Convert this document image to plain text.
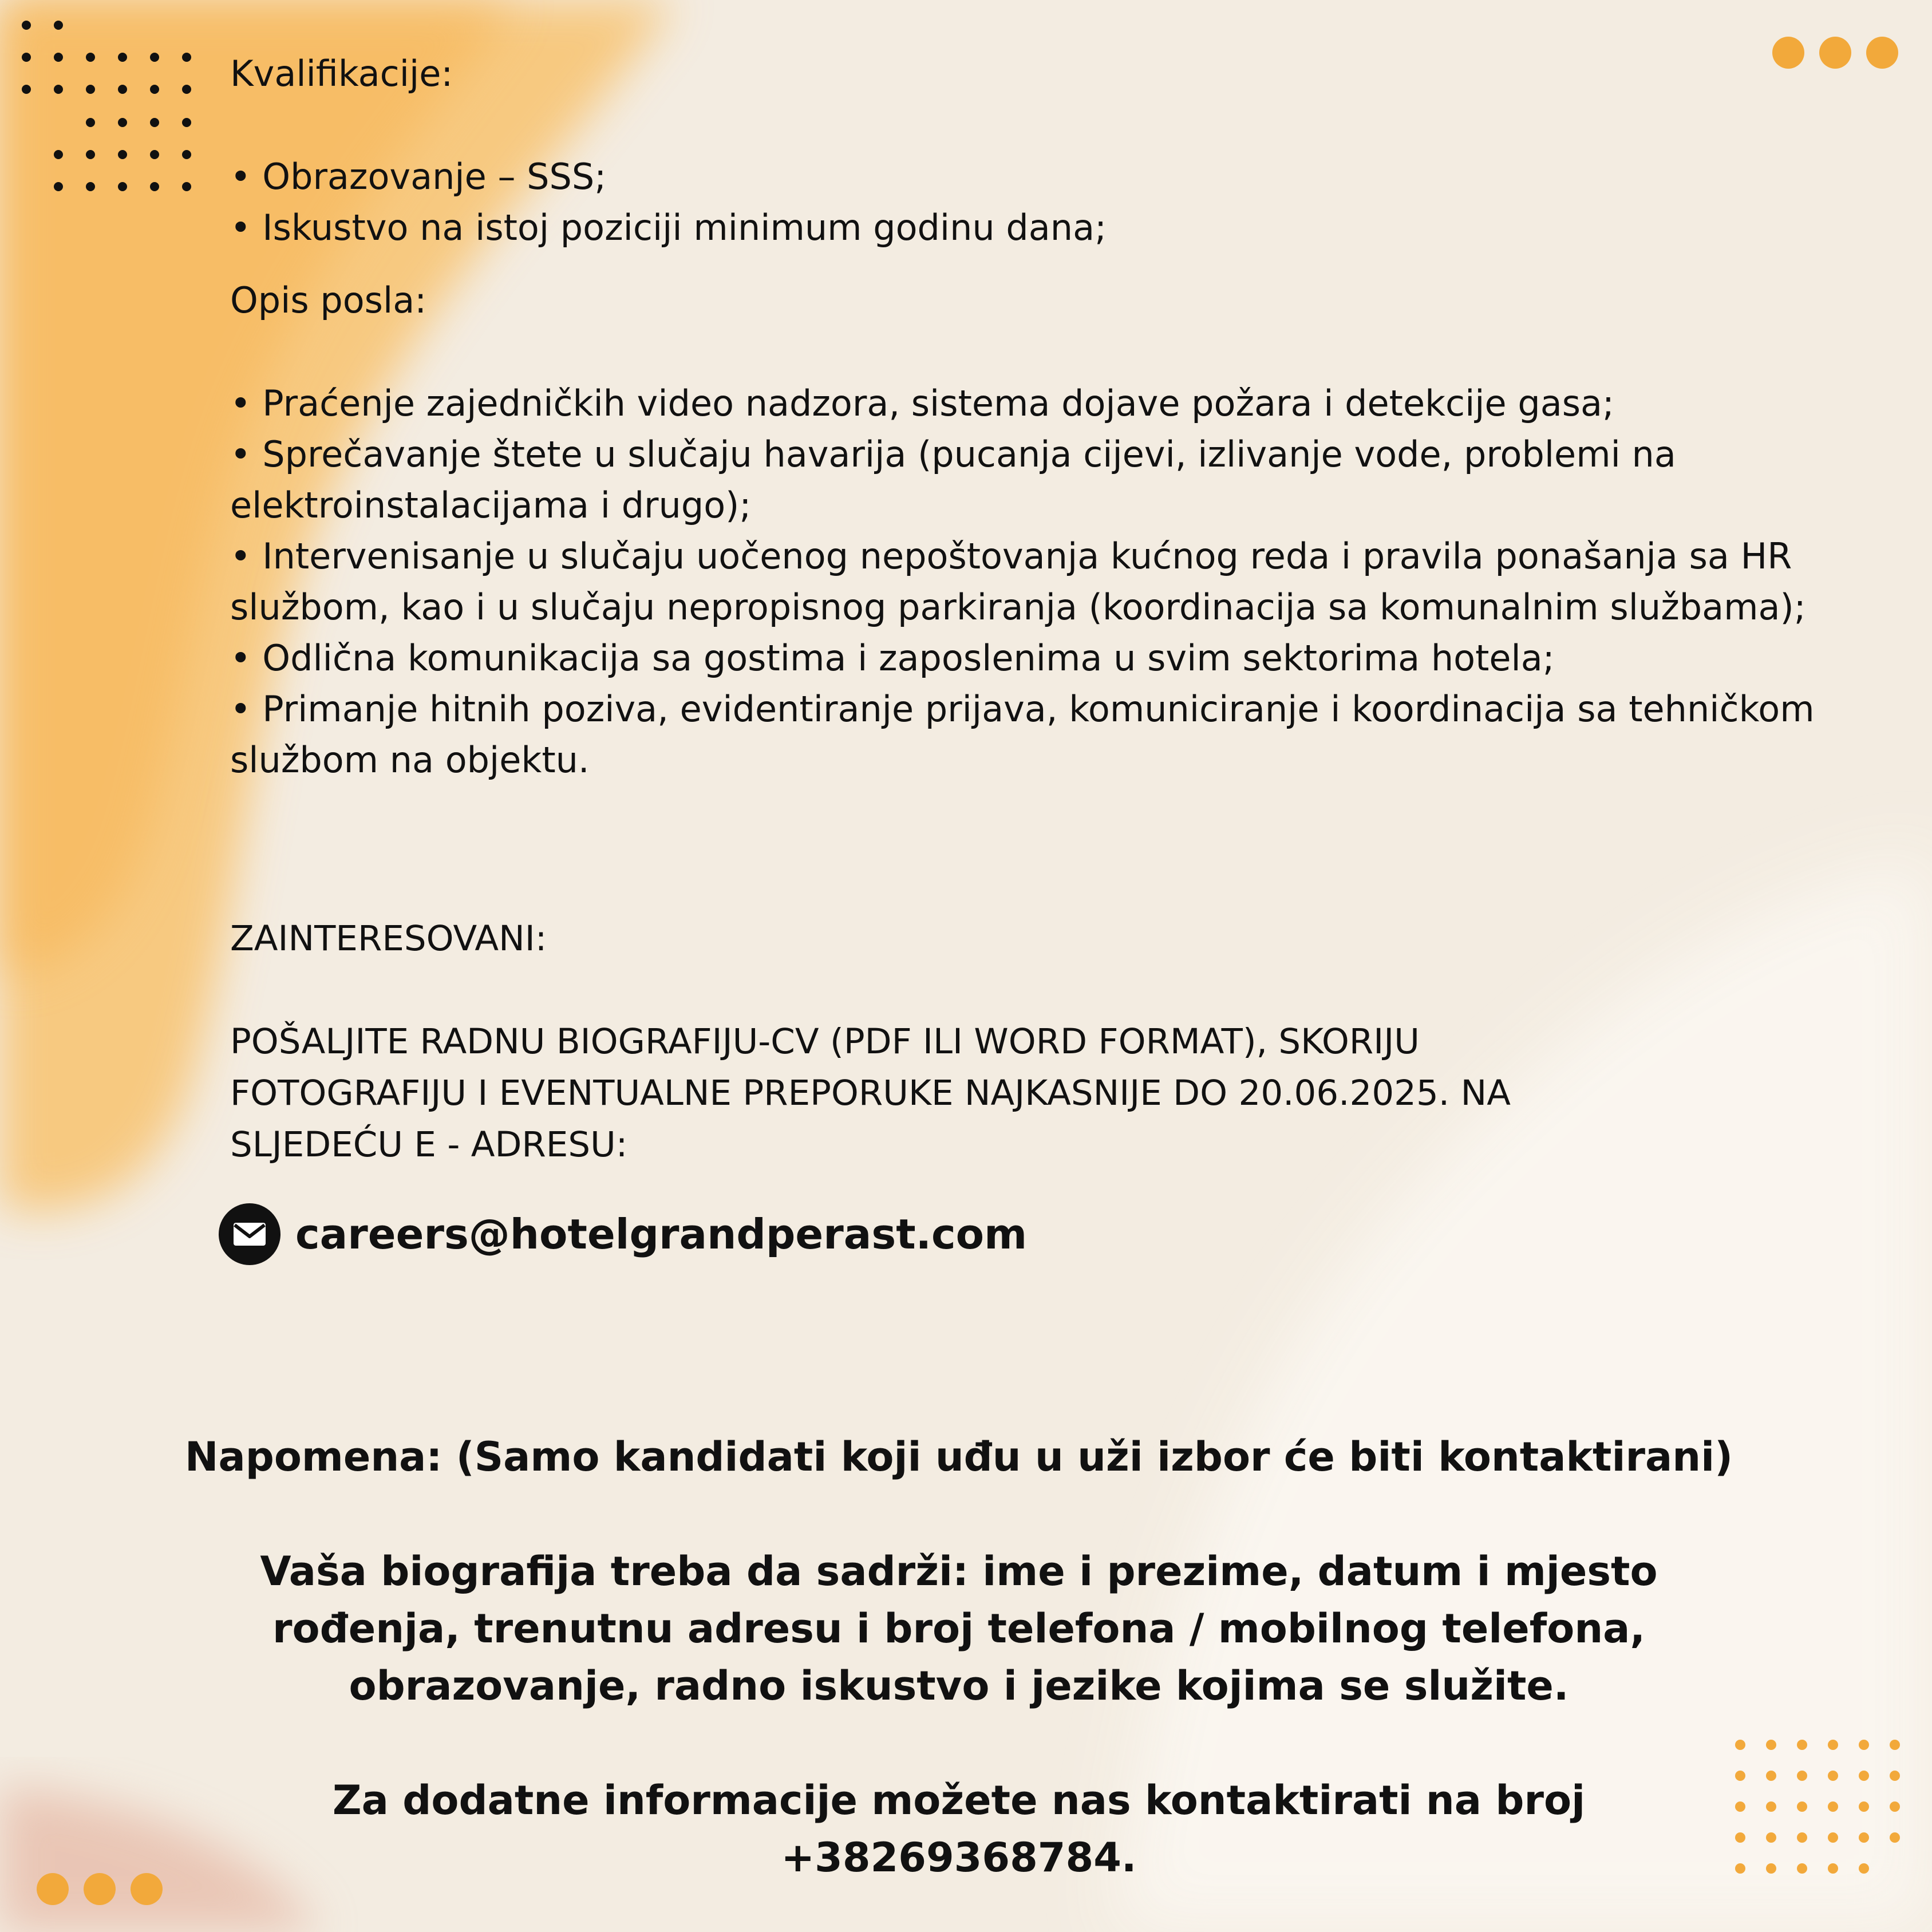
Kvalifikacije:
• Obrazovanje – SSS;
• Iskustvo na istoj poziciji minimum godinu dana;
Opis posla:
• Praćenje zajedničkih video nadzora, sistema dojave požara i detekcije gasa;
• Sprečavanje štete u slučaju havarija (pucanja cijevi, izlivanje vode, problemi na elektroinstalacijama i drugo);
• Intervenisanje u slučaju uočenog nepoštovanja kućnog reda i pravila ponašanja sa HR službom, kao i u slučaju nepropisnog parkiranja (koordinacija sa komunalnim službama);
• Odlična komunikacija sa gostima i zaposlenima u svim sektorima hotela;
• Primanje hitnih poziva, evidentiranje prijava, komuniciranje i koordinacija sa tehničkom službom na objektu.
ZAINTERESOVANI:

POŠALJITE RADNU BIOGRAFIJU-CV (PDF ILI WORD FORMAT), SKORIJU FOTOGRAFIJU I EVENTUALNE PREPORUKE NAJKASNIJE DO 20.06.2025. NA SLJEDEĆU E - ADRESU:

careers@hotelgrandperast.com

Napomena: (Samo kandidati koji uđu u uži izbor će biti kontaktirani)

Vaša biografija treba da sadrži: ime i prezime, datum i mjesto rođenja, trenutnu adresu i broj telefona / mobilnog telefona, obrazovanje, radno iskustvo i jezike kojima se služite.

Za dodatne informacije možete nas kontaktirati na broj +38269368784.
